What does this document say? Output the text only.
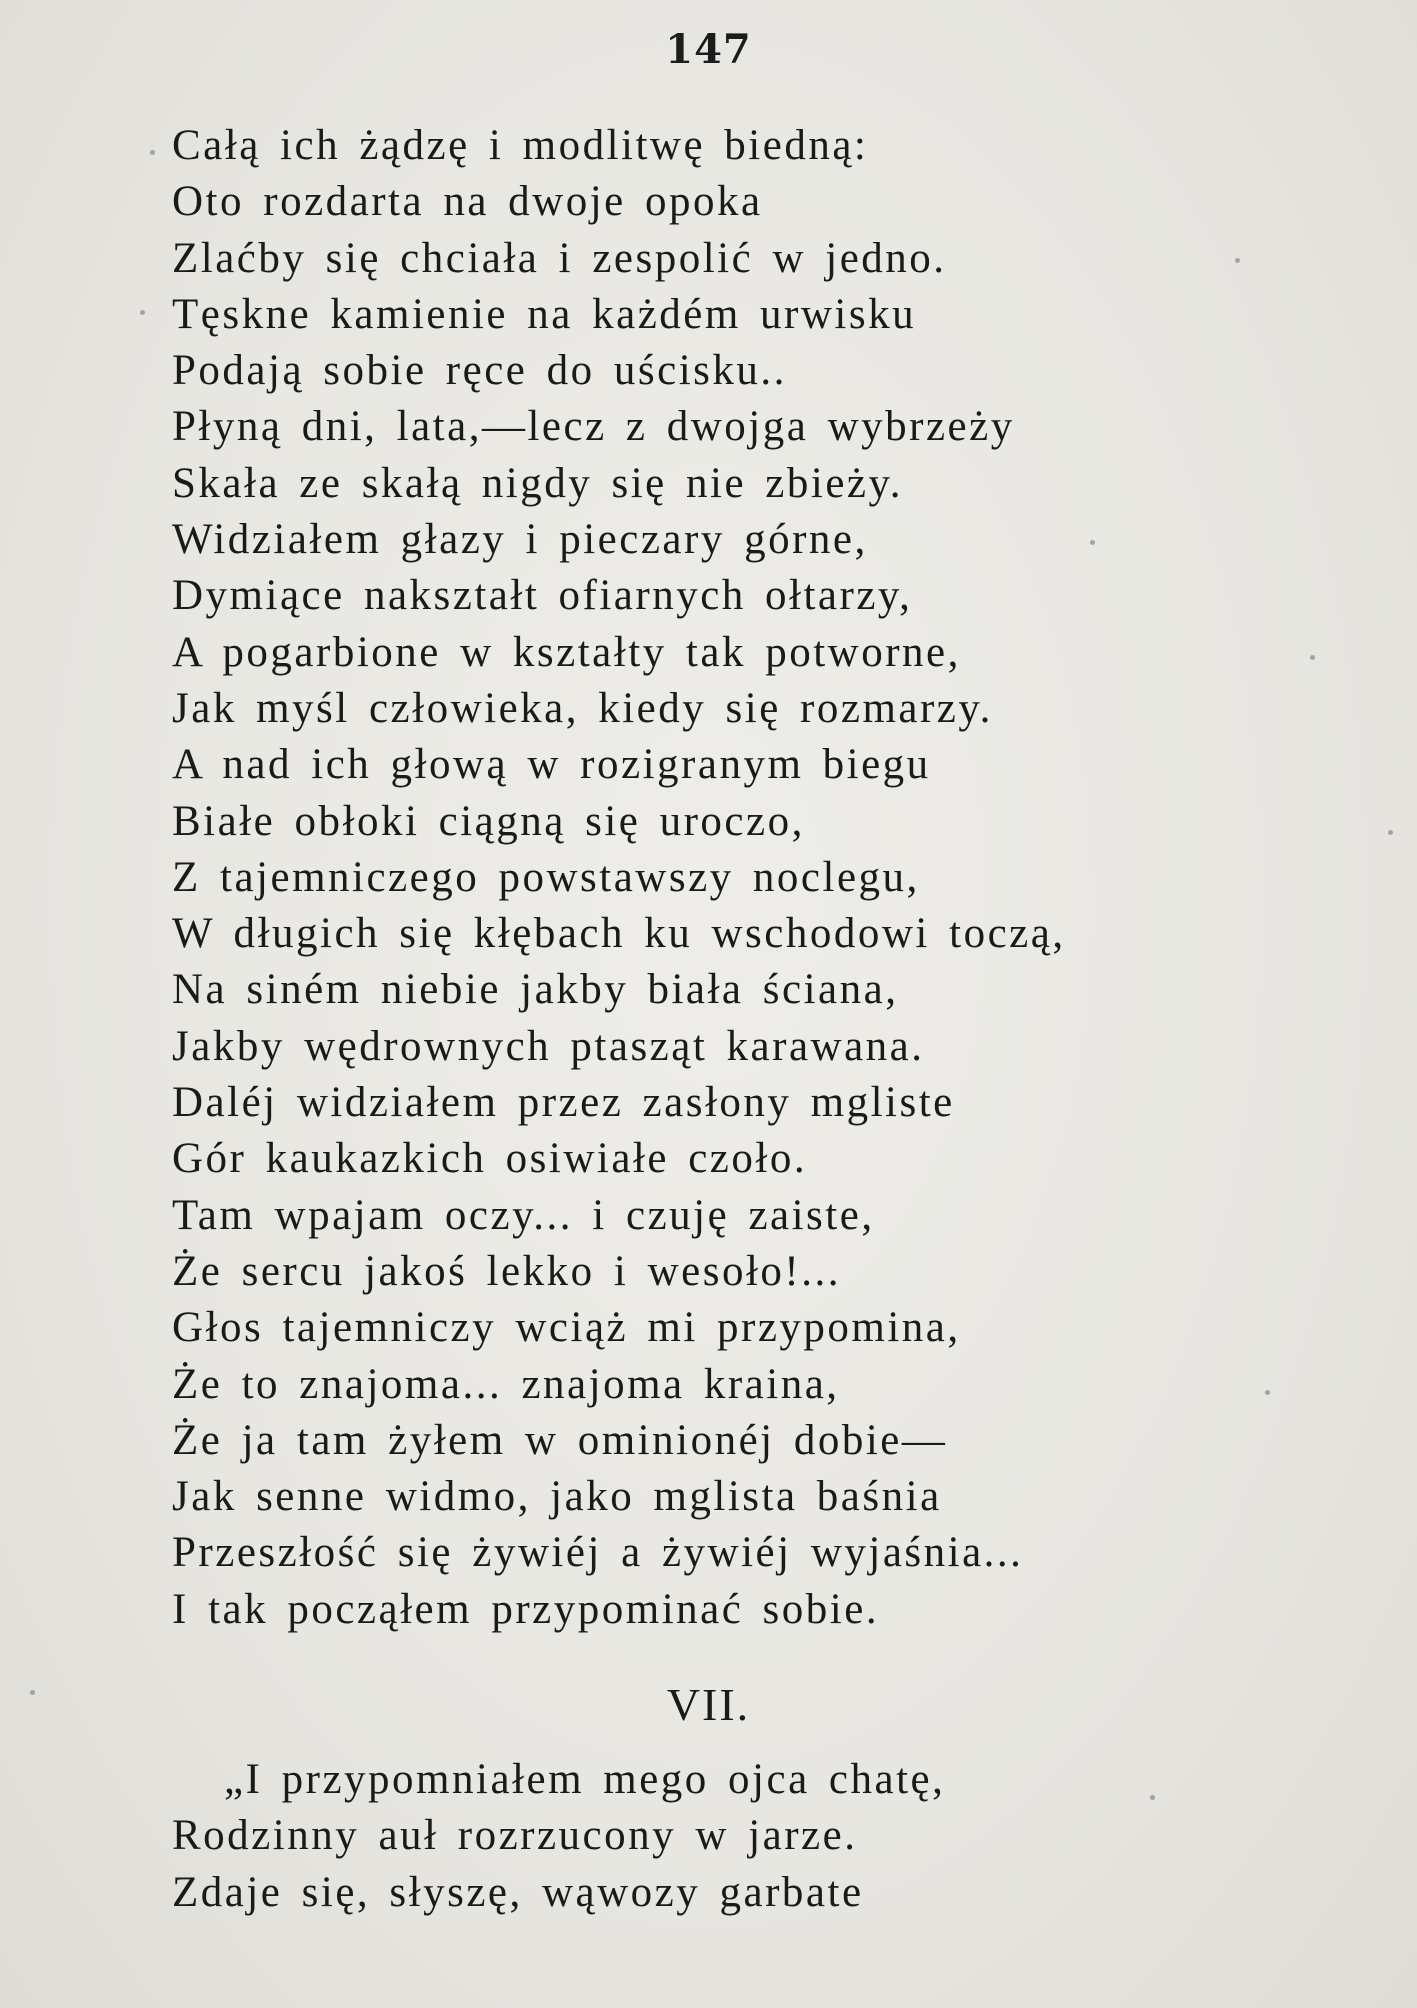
147
Całą ich żądzę i modlitwę biedną:
Oto rozdarta na dwoje opoka
Zlaćby się chciała i zespolić w jedno.
Tęskne kamienie na każdém urwisku
Podają sobie ręce do uścisku..
Płyną dni, lata,—lecz z dwojga wybrzeży
Skała ze skałą nigdy się nie zbieży.
Widziałem głazy i pieczary górne,
Dymiące nakształt ofiarnych ołtarzy,
A pogarbione w kształty tak potworne,
Jak myśl człowieka, kiedy się rozmarzy.
A nad ich głową w rozigranym biegu
Białe obłoki ciągną się uroczo,
Z tajemniczego powstawszy noclegu,
W długich się kłębach ku wschodowi toczą,
Na siném niebie jakby biała ściana,
Jakby wędrownych ptasząt karawana.
Daléj widziałem przez zasłony mgliste
Gór kaukazkich osiwiałe czoło.
Tam wpajam oczy... i czuję zaiste,
Że sercu jakoś lekko i wesoło!...
Głos tajemniczy wciąż mi przypomina,
Że to znajoma... znajoma kraina,
Że ja tam żyłem w ominionéj dobie—
Jak senne widmo, jako mglista baśnia
Przeszłość się żywiéj a żywiéj wyjaśnia...
I tak począłem przypominać sobie.
VII.
„I przypomniałem mego ojca chatę,
Rodzinny auł rozrzucony w jarze.
Zdaje się, słyszę, wąwozy garbate
